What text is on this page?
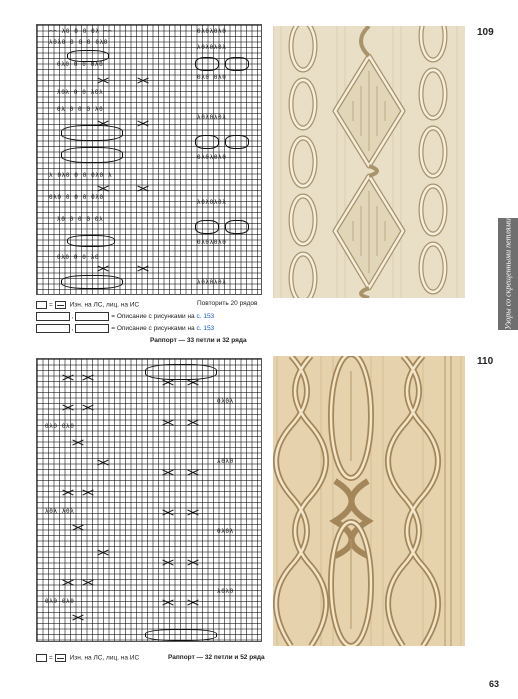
⌒⌒ λ0 0 0 0λ ⌒⌒
λ0λ0 0 0 0 0λ0
0λ0 0 0 0λ0
λ0λ 0 0 λ0λ
0λ 0 0 0 λ0
λ 0λ0 0 0 0λ0 λ
0λ0 0 0 0 0λ0
λ0 0 0 0 0λ
0λ0 0 0 λ0
0λ0λ0λ0
λ0λ0λ0λ
0λ0 0λ0
λ0λ0λ0λ
0λ0λ0λ0
λ0λ0λ0λ
0λ0λ0λ0
λ0λ0λ0λ
109
=	Изн. на ЛС, лиц. на ИС	Повторить 20 рядов
,	= Описание с рисунками на с. 153
,	= Описание с рисунками на с. 153
Раппорт — 33 петли и 32 ряда
0λ0 0λ0
λ0λ λ0λ
0λ0 0λ0
0λ0λ
λ0λ0
0λ0λ
λ0λ0
110
=	Изн. на ЛС, лиц. на ИС	Раппорт — 32 петли и 52 ряда
Узоры со скрещенными петлями
63
